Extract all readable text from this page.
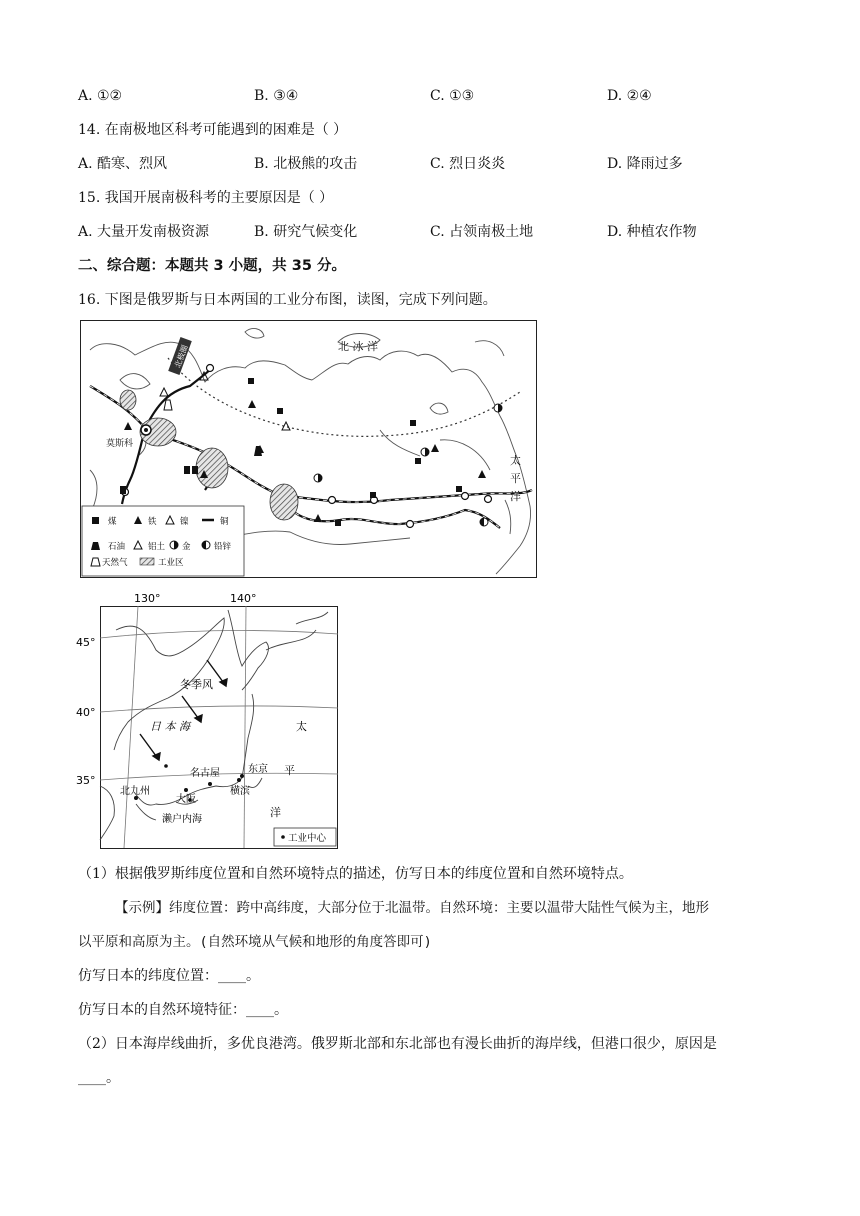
A. ①②	B. ③④	C. ①③	D. ②④
14. 在南极地区科考可能遇到的困难是（ ）
A. 酷寒、烈风	B. 北极熊的攻击	C. 烈日炎炎	D. 降雨过多
15. 我国开展南极科考的主要原因是（ ）
A. 大量开发南极资源	B. 研究气候变化	C. 占领南极土地	D. 种植农作物
二、综合题：本题共 3 小题，共 35 分。
16. 下图是俄罗斯与日本两国的工业分布图，读图，完成下列问题。
北极圈
莫斯科
北 冰 洋
太
平
洋
煤	铁	镍	铜
石油	铝土 金	铅锌
天然气	工业区
130°	140°
45°
40°
35°
冬季风
日 本 海	太
平
洋
名古屋	东京
横滨
大阪
北九州
濑户内海
工业中心
（1）根据俄罗斯纬度位置和自然环境特点的描述，仿写日本的纬度位置和自然环境特点。
【示例】纬度位置：跨中高纬度，大部分位于北温带。自然环境：主要以温带大陆性气候为主，地形
以平原和高原为主。(自然环境从气候和地形的角度答即可)
仿写日本的纬度位置：____。
仿写日本的自然环境特征：____。
（2）日本海岸线曲折，多优良港湾。俄罗斯北部和东北部也有漫长曲折的海岸线，但港口很少，原因是
____。
